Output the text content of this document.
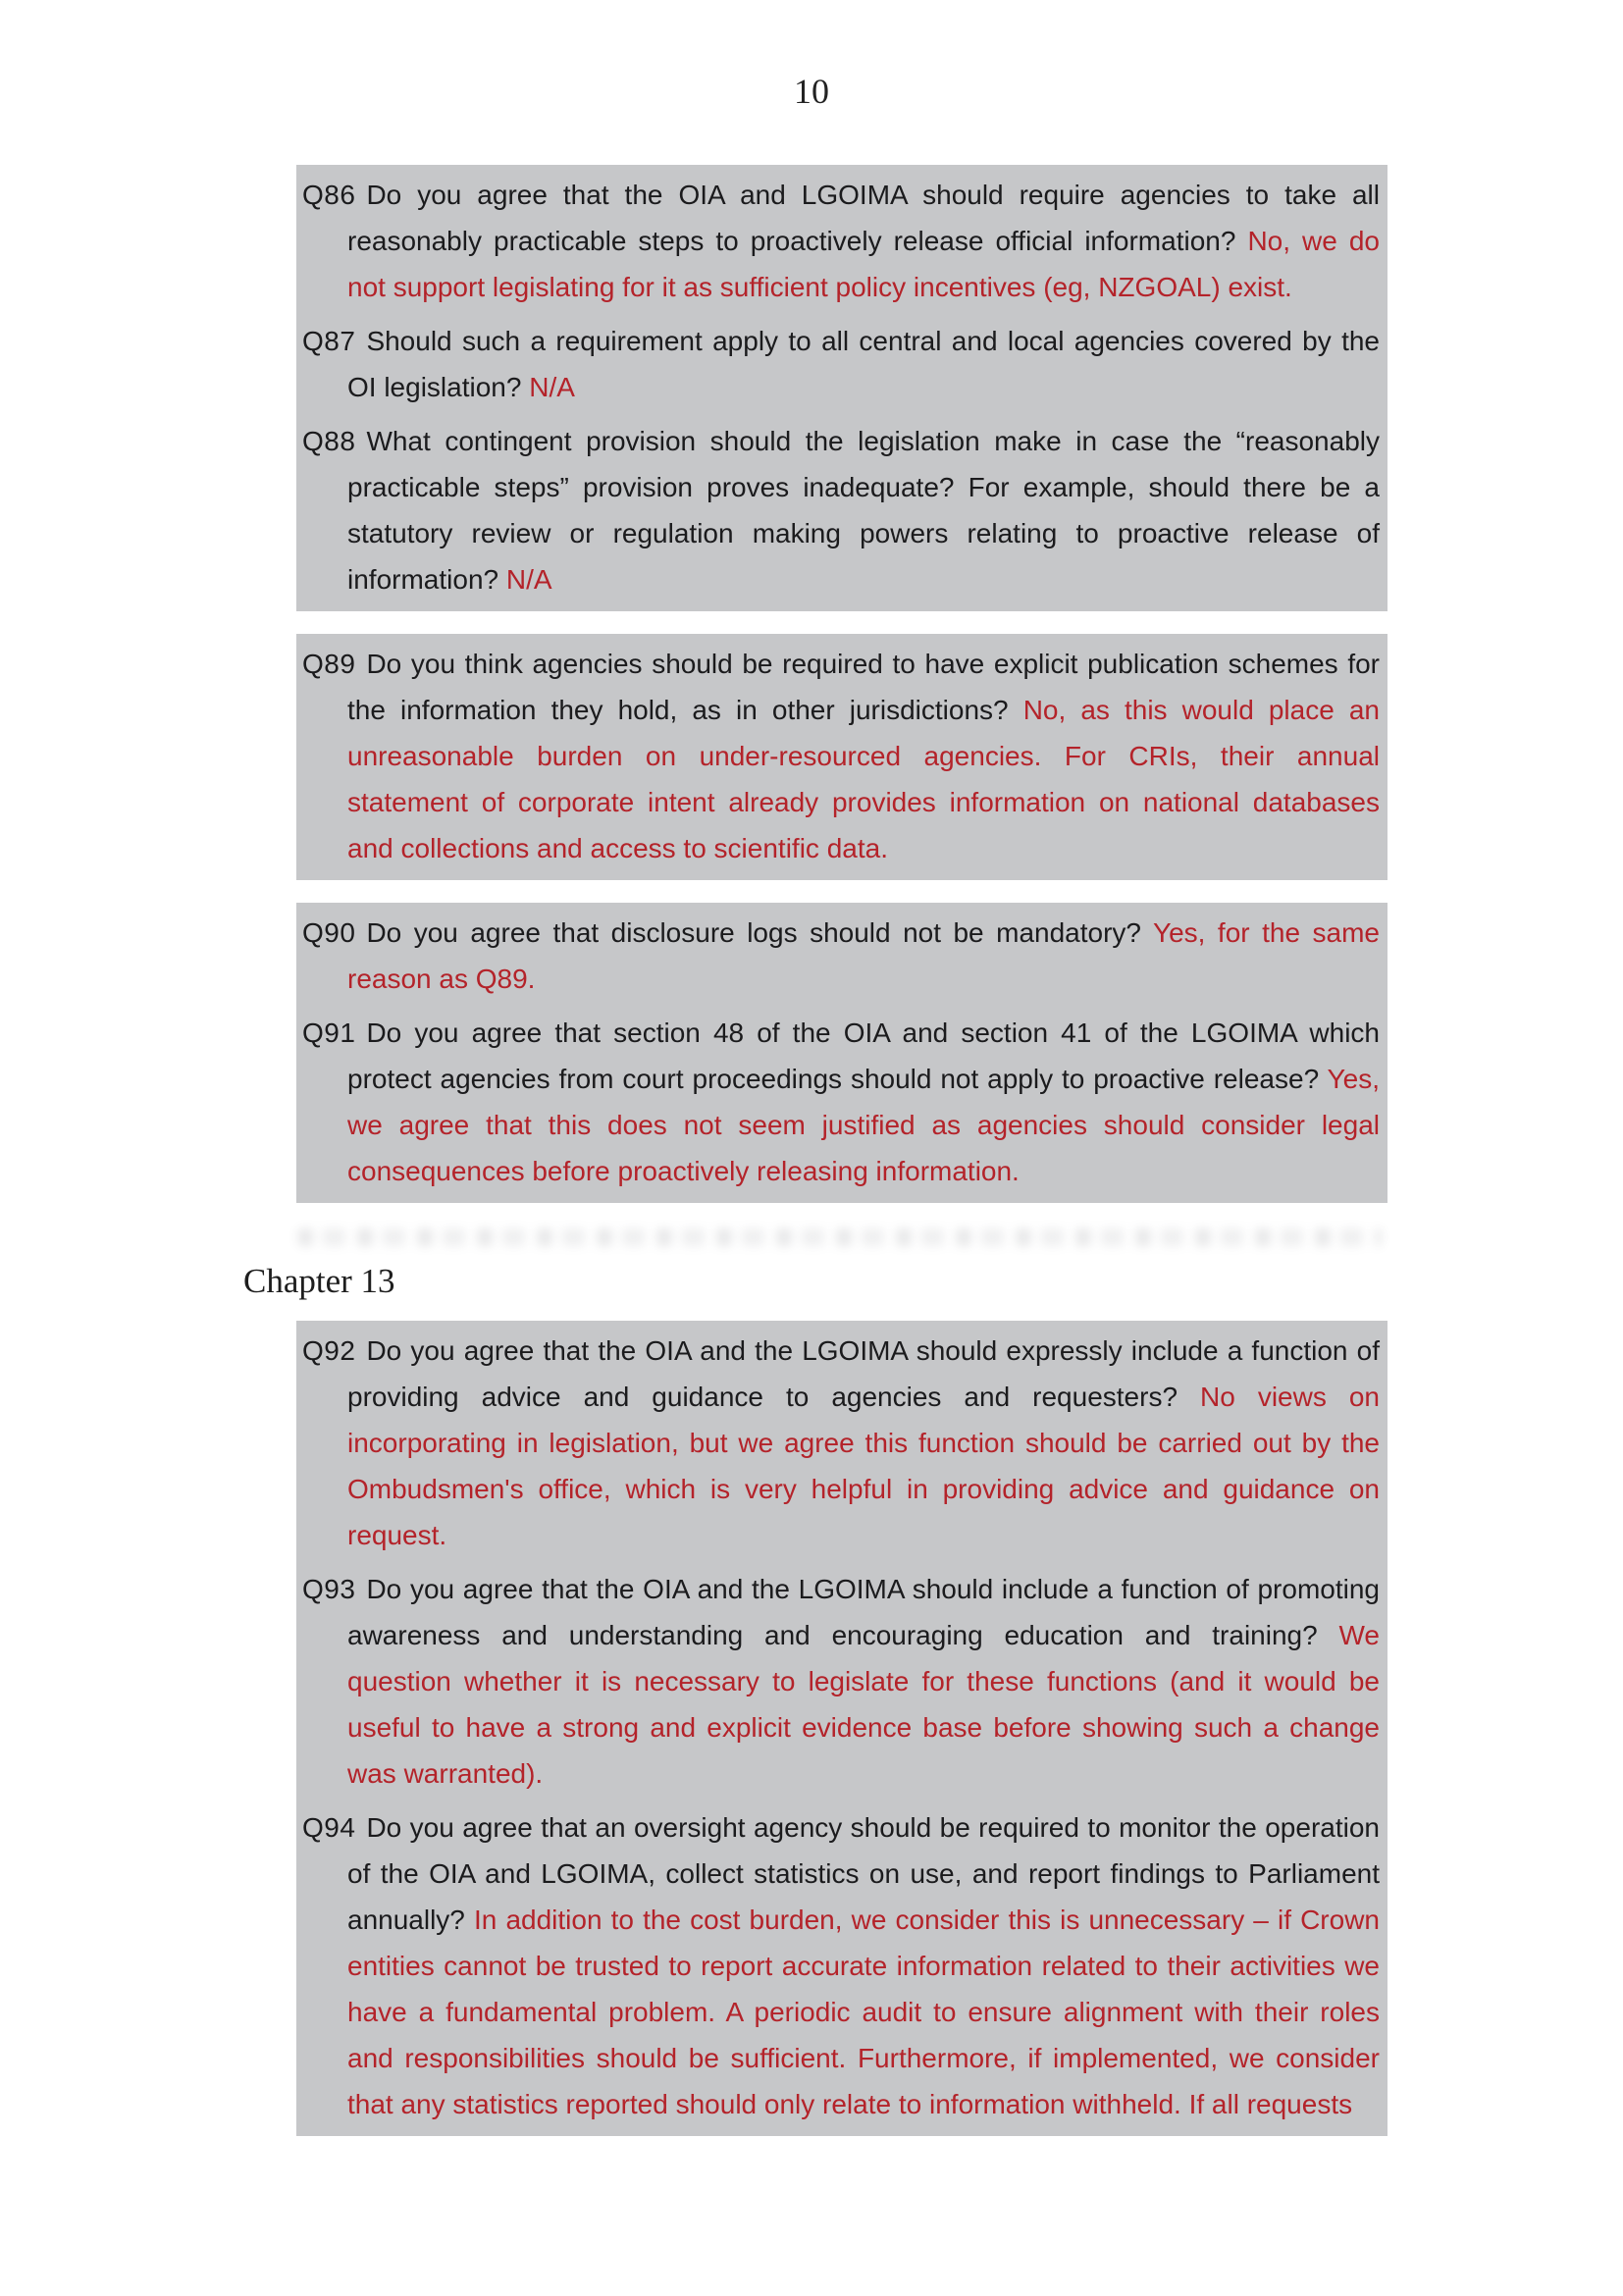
10

Q86 Do you agree that the OIA and LGOIMA should require agencies to take all reasonably practicable steps to proactively release official information? No, we do not support legislating for it as sufficient policy incentives (eg, NZGOAL) exist.

Q87 Should such a requirement apply to all central and local agencies covered by the OI legislation? N/A

Q88 What contingent provision should the legislation make in case the “reasonably practicable steps” provision proves inadequate? For example, should there be a statutory review or regulation making powers relating to proactive release of information? N/A

Q89 Do you think agencies should be required to have explicit publication schemes for the information they hold, as in other jurisdictions? No, as this would place an unreasonable burden on under-resourced agencies. For CRIs, their annual statement of corporate intent already provides information on national databases and collections and access to scientific data.

Q90 Do you agree that disclosure logs should not be mandatory? Yes, for the same reason as Q89.

Q91 Do you agree that section 48 of the OIA and section 41 of the LGOIMA which protect agencies from court proceedings should not apply to proactive release? Yes, we agree that this does not seem justified as agencies should consider legal consequences before proactively releasing information.

Chapter 13

Q92 Do you agree that the OIA and the LGOIMA should expressly include a function of providing advice and guidance to agencies and requesters? No views on incorporating in legislation, but we agree this function should be carried out by the Ombudsmen's office, which is very helpful in providing advice and guidance on request.

Q93 Do you agree that the OIA and the LGOIMA should include a function of promoting awareness and understanding and encouraging education and training? We question whether it is necessary to legislate for these functions (and it would be useful to have a strong and explicit evidence base before showing such a change was warranted).

Q94 Do you agree that an oversight agency should be required to monitor the operation of the OIA and LGOIMA, collect statistics on use, and report findings to Parliament annually? In addition to the cost burden, we consider this is unnecessary – if Crown entities cannot be trusted to report accurate information related to their activities we have a fundamental problem. A periodic audit to ensure alignment with their roles and responsibilities should be sufficient. Furthermore, if implemented, we consider that any statistics reported should only relate to information withheld. If all requests
